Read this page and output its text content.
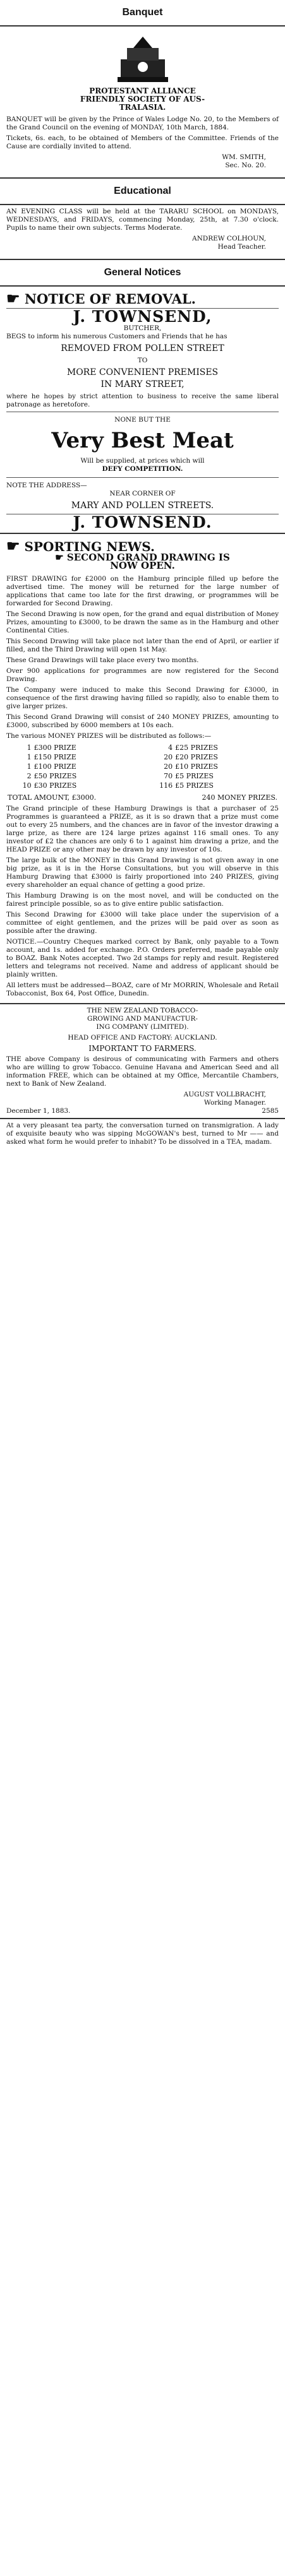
Banquet
PROTESTANT ALLIANCE
FRIENDLY SOCIETY OF AUS-
TRALASIA.

BANQUET will be given by the Prince of Wales Lodge No. 20, to the Members of the Grand Council on the evening of MONDAY, 10th March, 1884.

Tickets, 6s. each, to be obtained of Members of the Committee. Friends of the Cause are cordially invited to attend.

WM. SMITH,
Sec. No. 20.
Educational

AN EVENING CLASS will be held at the TARARU SCHOOL on MONDAYS, WEDNESDAYS, and FRIDAYS, commencing Monday, 25th, at 7.30 o'clock. Pupils to name their own subjects. Terms Moderate.

ANDREW COLHOUN,
Head Teacher.
General Notices
☛ NOTICE OF REMOVAL.
J. TOWNSEND,
BUTCHER,

BEGS to inform his numerous Customers and Friends that he has

REMOVED FROM POLLEN STREET
TO
MORE CONVENIENT PREMISES
IN MARY STREET,

where he hopes by strict attention to business to receive the same liberal patronage as heretofore.

NONE BUT THE
Very Best Meat
Will be supplied, at prices which will
DEFY COMPETITION.
NOTE THE ADDRESS—
NEAR CORNER OF
MARY AND POLLEN STREETS.
J. TOWNSEND.
☛ SPORTING NEWS.
☛ SECOND GRAND DRAWING IS
NOW OPEN.

FIRST DRAWING for £2000 on the Hamburg principle filled up before the advertised time. The money will be returned for the large number of applications that came too late for the first drawing, or programmes will be forwarded for Second Drawing.

The Second Drawing is now open, for the grand and equal distribution of Money Prizes, amounting to £3000, to be drawn the same as in the Hamburg and other Continental Cities.

This Second Drawing will take place not later than the end of April, or earlier if filled, and the Third Drawing will open 1st May.

These Grand Drawings will take place every two months.

Over 900 applications for programmes are now registered for the Second Drawing.

The Company were induced to make this Second Drawing for £3000, in consequence of the first drawing having filled so rapidly, also to enable them to give larger prizes.

This Second Grand Drawing will consist of 240 MONEY PRIZES, amounting to £3000, subscribed by 6000 members at 10s each.

The various MONEY PRIZES will be distributed as follows:—

1	£300 PRIZE	4	£25 PRIZES
1	£150 PRIZE	20	£20 PRIZES
1	£100 PRIZE	20	£10 PRIZES
2	£50 PRIZES	70	£5 PRIZES
10	£30 PRIZES	116	£5 PRIZES
TOTAL AMOUNT, £3000.	240 MONEY PRIZES.

The Grand principle of these Hamburg Drawings is that a purchaser of 25 Programmes is guaranteed a PRIZE, as it is so drawn that a prize must come out to every 25 numbers, and the chances are in favor of the investor drawing a large prize, as there are 124 large prizes against 116 small ones. To any investor of £2 the chances are only 6 to 1 against him drawing a prize, and the HEAD PRIZE or any other may be drawn by any investor of 10s.

The large bulk of the MONEY in this Grand Drawing is not given away in one big prize, as it is in the Horse Consultations, but you will observe in this Hamburg Drawing that £3000 is fairly proportioned into 240 PRIZES, giving every shareholder an equal chance of getting a good prize.

This Hamburg Drawing is on the most novel, and will be conducted on the fairest principle possible, so as to give entire public satisfaction.

This Second Drawing for £3000 will take place under the supervision of a committee of eight gentlemen, and the prizes will be paid over as soon as possible after the drawing.

NOTICE.—Country Cheques marked correct by Bank, only payable to a Town account, and 1s. added for exchange. P.O. Orders preferred, made payable only to BOAZ. Bank Notes accepted. Two 2d stamps for reply and result. Registered letters and telegrams not received. Name and address of applicant should be plainly written.

All letters must be addressed—BOAZ, care of Mr MORRIN, Wholesale and Retail Tobacconist, Box 64, Post Office, Dunedin.

THE NEW ZEALAND TOBACCO-
GROWING AND MANUFACTUR-
ING COMPANY (LIMITED).
HEAD OFFICE AND FACTORY: AUCKLAND.
IMPORTANT TO FARMERS.

THE above Company is desirous of communicating with Farmers and others who are willing to grow Tobacco. Genuine Havana and American Seed and all information FREE, which can be obtained at my Office, Mercantile Chambers, next to Bank of New Zealand.

AUGUST VOLLBRACHT,
Working Manager.
December 1, 1883.	2585

At a very pleasant tea party, the conversation turned on transmigration. A lady of exquisite beauty who was sipping McGOWAN's best, turned to Mr —— and asked what form he would prefer to inhabit? To be dissolved in a TEA, madam.
